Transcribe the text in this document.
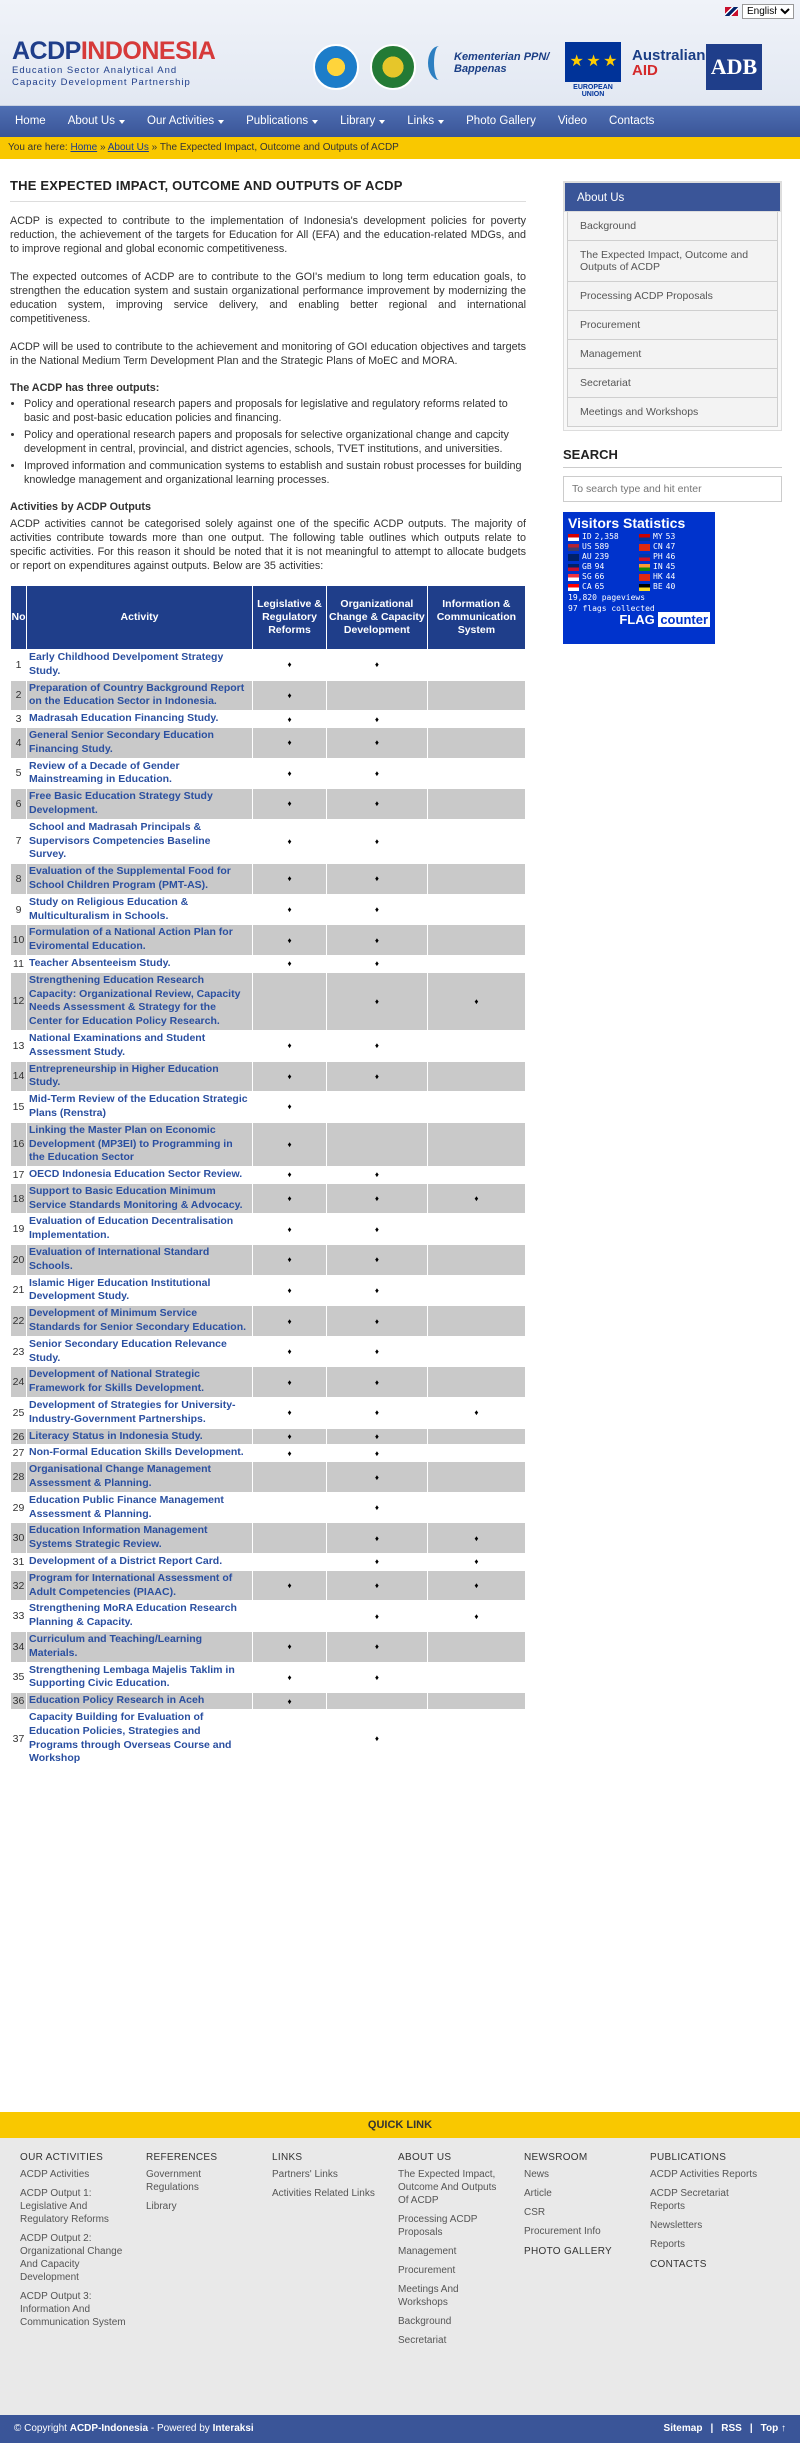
English
ACDPINDONESIA
Education Sector Analytical And
Capacity Development Partnership
Kementerian PPN/
Bappenas	★ ★ ★
EUROPEAN UNION
Australian
AID	ADB
Home About Us	Our Activities	Publications	Library	Links	Photo Gallery Video Contacts
You are here: Home » About Us » The Expected Impact, Outcome and Outputs of ACDP
THE EXPECTED IMPACT, OUTCOME AND OUTPUTS OF ACDP

ACDP is expected to contribute to the implementation of Indonesia's development policies for poverty reduction, the achievement of the targets for Education for All (EFA) and the education-related MDGs, and to improve regional and global economic competitiveness.

The expected outcomes of ACDP are to contribute to the GOI's medium to long term education goals, to strengthen the education system and sustain organizational performance improvement by modernizing the education system, improving service delivery, and enabling better regional and international competitiveness.

ACDP will be used to contribute to the achievement and monitoring of GOI education objectives and targets in the National Medium Term Development Plan and the Strategic Plans of MoEC and MORA.

The ACDP has three outputs:
• Policy and operational research papers and proposals for legislative and regulatory reforms related to basic and post-basic education policies and financing.
• Policy and operational research papers and proposals for selective organizational change and capcity development in central, provincial, and district agencies, schools, TVET institutions, and universities.
• Improved information and communication systems to establish and sustain robust processes for building knowledge management and organizational learning processes.
Activities by ACDP Outputs

ACDP activities cannot be categorised solely against one of the specific ACDP outputs. The majority of activities contribute towards more than one output. The following table outlines which outputs relate to specific activities. For this reason it should be noted that it is not meaningful to attempt to allocate budgets or report on expenditures against outputs. Below are 35 activities:

No	Activity	Legislative & Regulatory Reforms	Organizational Change & Capacity Development	Information & Communication System
1	Early Childhood Develpoment Strategy Study.	♦	♦	
2	Preparation of Country Background Report on the Education Sector in Indonesia.	♦		
3	Madrasah Education Financing Study.	♦	♦	
4	General Senior Secondary Education Financing Study.	♦	♦	
5	Review of a Decade of Gender Mainstreaming in Education.	♦	♦	
6	Free Basic Education Strategy Study Development.	♦	♦	
7	School and Madrasah Principals & Supervisors Competencies Baseline Survey.	♦	♦	
8	Evaluation of the Supplemental Food for School Children Program (PMT-AS).	♦	♦	
9	Study on Religious Education & Multiculturalism in Schools.	♦	♦	
10	Formulation of a National Action Plan for Eviromental Education.	♦	♦	
11	Teacher Absenteeism Study.	♦	♦	
12	Strengthening Education Research Capacity: Organizational Review, Capacity Needs Assessment & Strategy for the Center for Education Policy Research.		♦	♦
13	National Examinations and Student Assessment Study.	♦	♦	
14	Entrepreneurship in Higher Education Study.	♦	♦	
15	Mid-Term Review of the Education Strategic Plans (Renstra)	♦		
16	Linking the Master Plan on Economic Development (MP3EI) to Programming in the Education Sector	♦		
17	OECD Indonesia Education Sector Review.	♦	♦	
18	Support to Basic Education Minimum Service Standards Monitoring & Advocacy.	♦	♦	♦
19	Evaluation of Education Decentralisation Implementation.	♦	♦	
20	Evaluation of International Standard Schools.	♦	♦	
21	Islamic Higer Education Institutional Development Study.	♦	♦	
22	Development of Minimum Service Standards for Senior Secondary Education.	♦	♦	
23	Senior Secondary Education Relevance Study.	♦	♦	
24	Development of National Strategic Framework for Skills Development.	♦	♦	
25	Development of Strategies for University-Industry-Government Partnerships.	♦	♦	♦
26	Literacy Status in Indonesia Study.	♦	♦	
27	Non-Formal Education Skills Development.	♦	♦	
28	Organisational Change Management Assessment & Planning.		♦	
29	Education Public Finance Management Assessment & Planning.		♦	
30	Education Information Management Systems Strategic Review.		♦	♦
31	Development of a District Report Card.		♦	♦
32	Program for International Assessment of Adult Competencies (PIAAC).	♦	♦	♦
33	Strengthening MoRA Education Research Planning & Capacity.		♦	♦
34	Curriculum and Teaching/Learning Materials.	♦	♦	
35	Strengthening Lembaga Majelis Taklim in Supporting Civic Education.	♦	♦	
36	Education Policy Research in Aceh	♦		
37	Capacity Building for Evaluation of Education Policies, Strategies and Programs through Overseas Course and Workshop		♦	
About Us
Background
The Expected Impact, Outcome and Outputs of ACDP
Processing ACDP Proposals
Procurement
Management
Secretariat
Meetings and Workshops
SEARCH
To search type and hit enter
Visitors Statistics
ID 2,358	MY 53
US 589	CN 47
AU 239	PH 46
GB 94	IN 45
SG 66	HK 44
CA 65	BE 40
19,820 pageviews
97 flags collected
FLAG counter
QUICK LINK
OUR ACTIVITIES
ACDP Activities
ACDP Output 1: Legislative And Regulatory Reforms
ACDP Output 2: Organizational Change And Capacity Development
ACDP Output 3: Information And Communication System
REFERENCES
Government Regulations
Library
LINKS
Partners' Links
Activities Related Links
ABOUT US
The Expected Impact, Outcome And Outputs Of ACDP
Processing ACDP Proposals
Management
Procurement
Meetings And Workshops
Background
Secretariat
NEWSROOM
News
Article
CSR
Procurement Info
PHOTO GALLERY
PUBLICATIONS
ACDP Activities Reports
ACDP Secretariat Reports
Newsletters
Reports
CONTACTS
© Copyright ACDP-Indonesia - Powered by Interaksi	Sitemap | RSS | Top ↑
